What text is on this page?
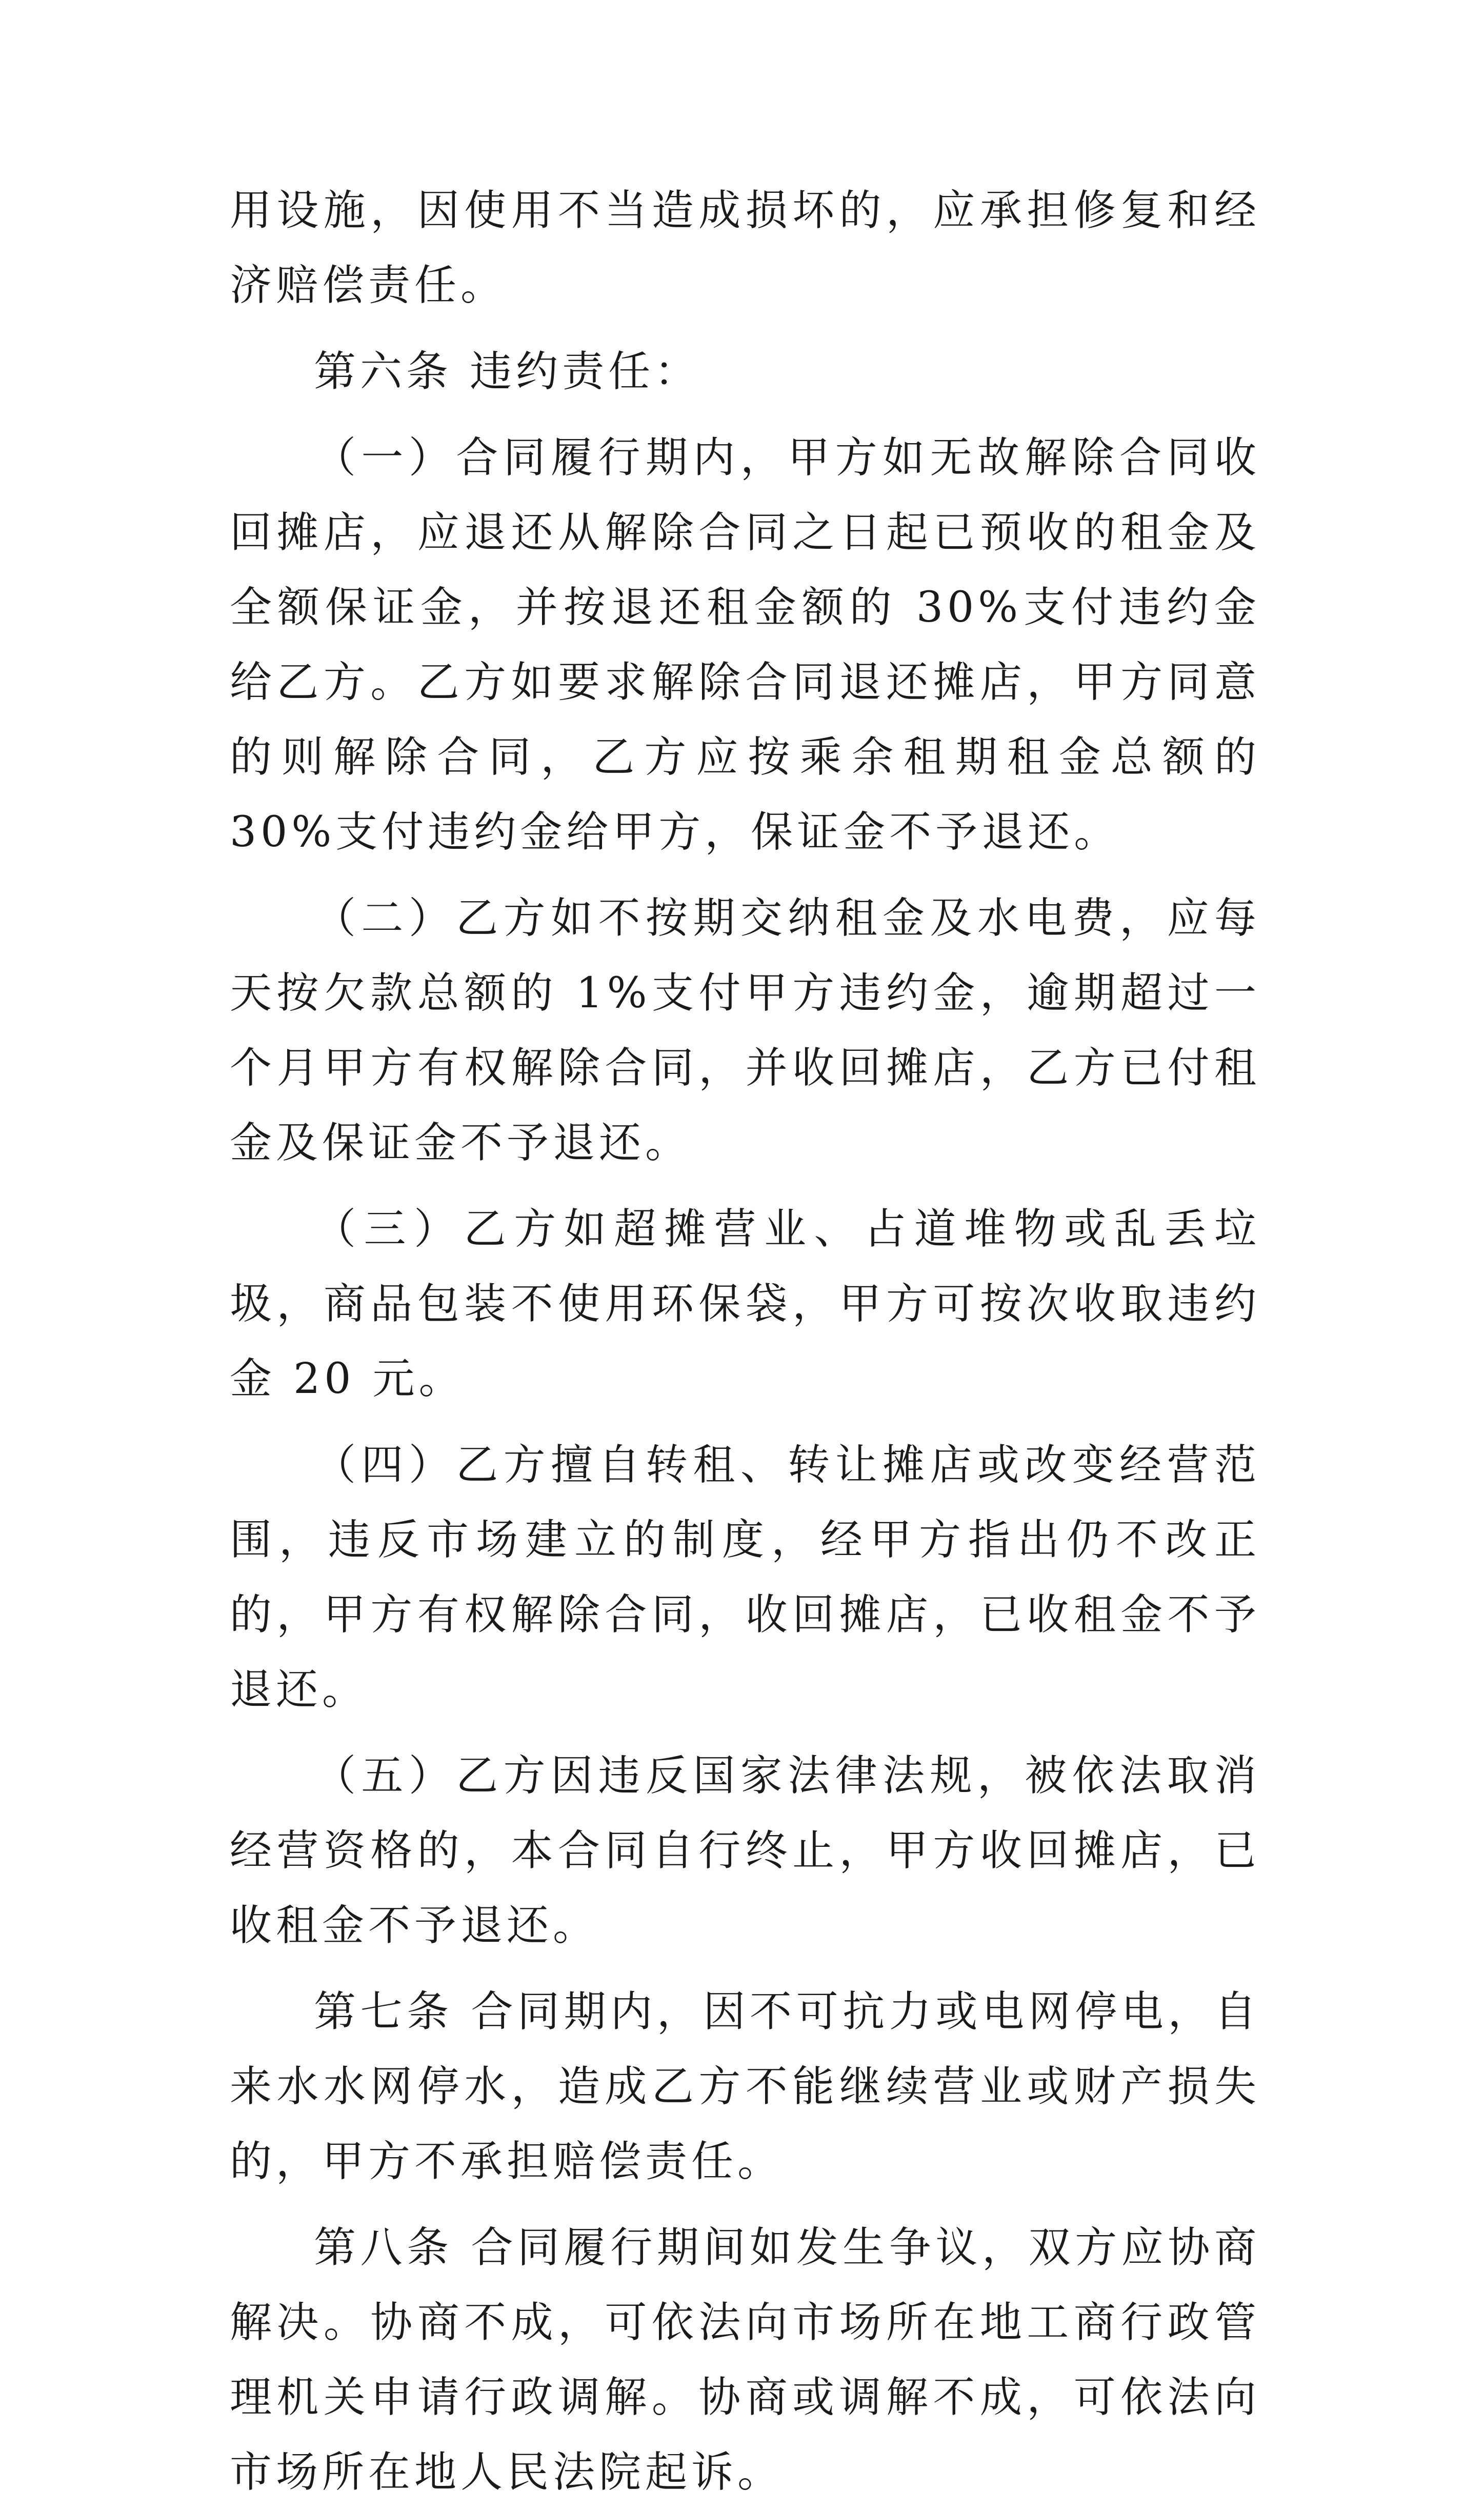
用设施，因使用不当造成损坏的，应承担修复和经济赔偿责任。

第六条 违约责任：

（一）合同履行期内，甲方如无故解除合同收回摊店，应退还从解除合同之日起已预收的租金及全额保证金，并按退还租金额的 30%支付违约金给乙方。乙方如要求解除合同退还摊店，甲方同意的则解除合同，乙方应按乘余租期租金总额的 30%支付违约金给甲方，保证金不予退还。

（二）乙方如不按期交纳租金及水电费，应每天按欠款总额的 1%支付甲方违约金，逾期超过一个月甲方有权解除合同，并收回摊店，乙方已付租金及保证金不予退还。

（三）乙方如超摊营业、占道堆物或乱丢垃圾，商品包装不使用环保袋，甲方可按次收取违约金 20 元。

（四）乙方擅自转租、转让摊店或改变经营范围，违反市场建立的制度，经甲方指出仍不改正的，甲方有权解除合同，收回摊店，已收租金不予退还。

（五）乙方因违反国家法律法规，被依法取消经营资格的，本合同自行终止，甲方收回摊店，已收租金不予退还。

第七条 合同期内，因不可抗力或电网停电，自来水水网停水，造成乙方不能继续营业或财产损失的，甲方不承担赔偿责任。

第八条 合同履行期间如发生争议，双方应协商解决。协商不成，可依法向市场所在地工商行政管理机关申请行政调解。协商或调解不成，可依法向市场所在地人民法院起诉。
